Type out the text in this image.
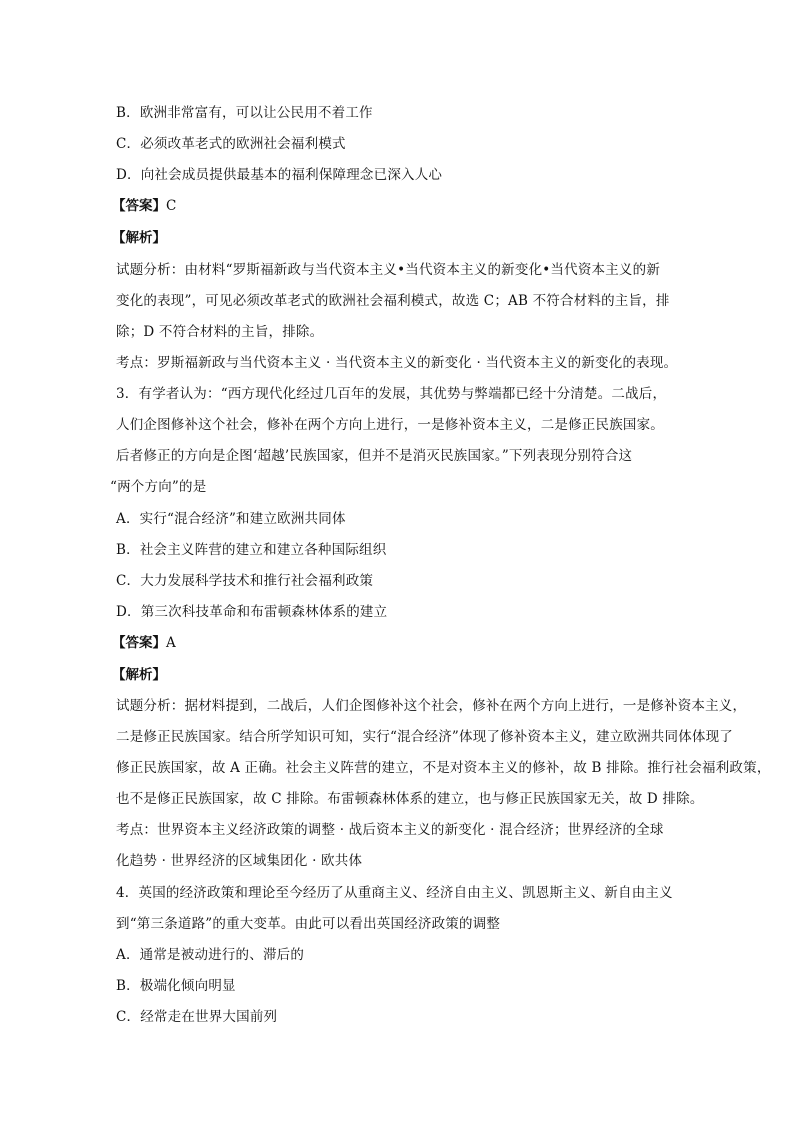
B．欧洲非常富有，可以让公民用不着工作
C．必须改革老式的欧洲社会福利模式
D．向社会成员提供最基本的福利保障理念已深入人心
【答案】C
【解析】
试题分析：由材料“罗斯福新政与当代资本主义•当代资本主义的新变化•当代资本主义的新
变化的表现”，可见必须改革老式的欧洲社会福利模式，故选 C；AB 不符合材料的主旨，排
除；D 不符合材料的主旨，排除。
考点：罗斯福新政与当代资本主义 · 当代资本主义的新变化 · 当代资本主义的新变化的表现。
3．有学者认为：“西方现代化经过几百年的发展，其优势与弊端都已经十分清楚。二战后，
人们企图修补这个社会，修补在两个方向上进行，一是修补资本主义，二是修正民族国家。
后者修正的方向是企图‘超越’民族国家，但并不是消灭民族国家。”下列表现分别符合这
“两个方向”的是
A．实行“混合经济”和建立欧洲共同体
B．社会主义阵营的建立和建立各种国际组织
C．大力发展科学技术和推行社会福利政策
D．第三次科技革命和布雷顿森林体系的建立
【答案】A
【解析】
试题分析：据材料提到，二战后，人们企图修补这个社会，修补在两个方向上进行，一是修补资本主义，
二是修正民族国家。结合所学知识可知，实行“混合经济”体现了修补资本主义，建立欧洲共同体体现了
修正民族国家，故 A 正确。社会主义阵营的建立，不是对资本主义的修补，故 B 排除。推行社会福利政策，
也不是修正民族国家，故 C 排除。布雷顿森林体系的建立，也与修正民族国家无关，故 D 排除。
考点：世界资本主义经济政策的调整 · 战后资本主义的新变化 · 混合经济；世界经济的全球
化趋势 · 世界经济的区域集团化 · 欧共体
4．英国的经济政策和理论至今经历了从重商主义、经济自由主义、凯恩斯主义、新自由主义
到“第三条道路”的重大变革。由此可以看出英国经济政策的调整
A．通常是被动进行的、滞后的
B．极端化倾向明显
C．经常走在世界大国前列
